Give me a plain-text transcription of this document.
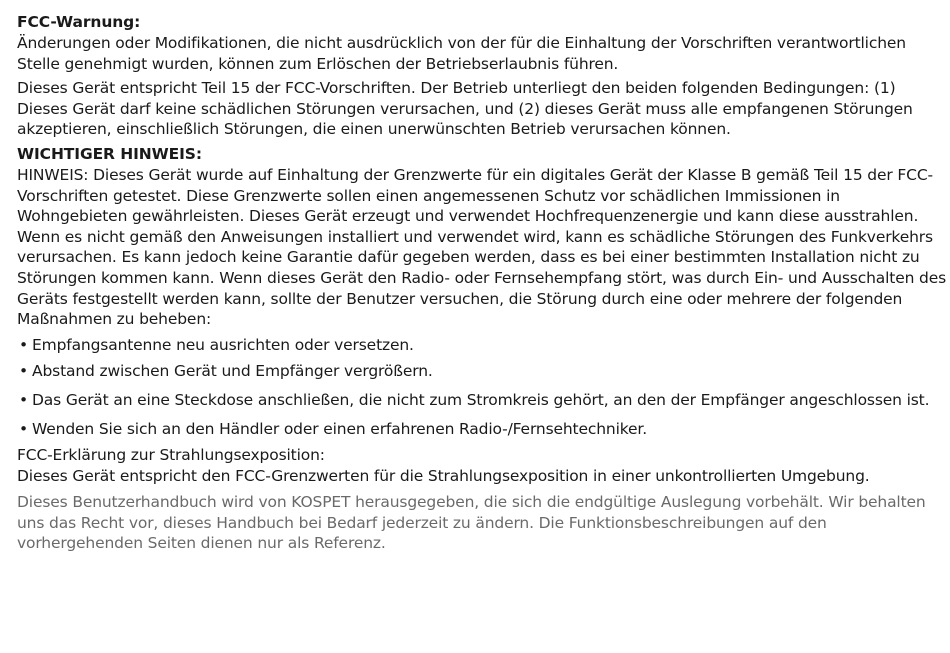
FCC-Warnung:

Änderungen oder Modifikationen, die nicht ausdrücklich von der für die Einhaltung der Vorschriften verantwortlichen Stelle genehmigt wurden, können zum Erlöschen der Betriebserlaubnis führen.

Dieses Gerät entspricht Teil 15 der FCC-Vorschriften. Der Betrieb unterliegt den beiden folgenden Bedingungen: (1) Dieses Gerät darf keine schädlichen Störungen verursachen, und (2) dieses Gerät muss alle empfangenen Störungen akzeptieren, einschließlich Störungen, die einen unerwünschten Betrieb verursachen können.

WICHTIGER HINWEIS:

HINWEIS: Dieses Gerät wurde auf Einhaltung der Grenzwerte für ein digitales Gerät der Klasse B gemäß Teil 15 der FCC-Vorschriften getestet. Diese Grenzwerte sollen einen angemessenen Schutz vor schädlichen Immissionen in Wohngebieten gewährleisten. Dieses Gerät erzeugt und verwendet Hochfrequenzenergie und kann diese ausstrahlen. Wenn es nicht gemäß den Anweisungen installiert und verwendet wird, kann es schädliche Störungen des Funkverkehrs verursachen. Es kann jedoch keine Garantie dafür gegeben werden, dass es bei einer bestimmten Installation nicht zu Störungen kommen kann. Wenn dieses Gerät den Radio- oder Fernsehempfang stört, was durch Ein- und Ausschalten des Geräts festgestellt werden kann, sollte der Benutzer versuchen, die Störung durch eine oder mehrere der folgenden Maßnahmen zu beheben:

• Empfangsantenne neu ausrichten oder versetzen.
• Abstand zwischen Gerät und Empfänger vergrößern.
• Das Gerät an eine Steckdose anschließen, die nicht zum Stromkreis gehört, an den der Empfänger angeschlossen ist.
• Wenden Sie sich an den Händler oder einen erfahrenen Radio-/Fernsehtechniker.

FCC-Erklärung zur Strahlungsexposition:

Dieses Gerät entspricht den FCC-Grenzwerten für die Strahlungsexposition in einer unkontrollierten Umgebung.

Dieses Benutzerhandbuch wird von KOSPET herausgegeben, die sich die endgültige Auslegung vorbehält. Wir behalten uns das Recht vor, dieses Handbuch bei Bedarf jederzeit zu ändern. Die Funktionsbeschreibungen auf den vorhergehenden Seiten dienen nur als Referenz.
